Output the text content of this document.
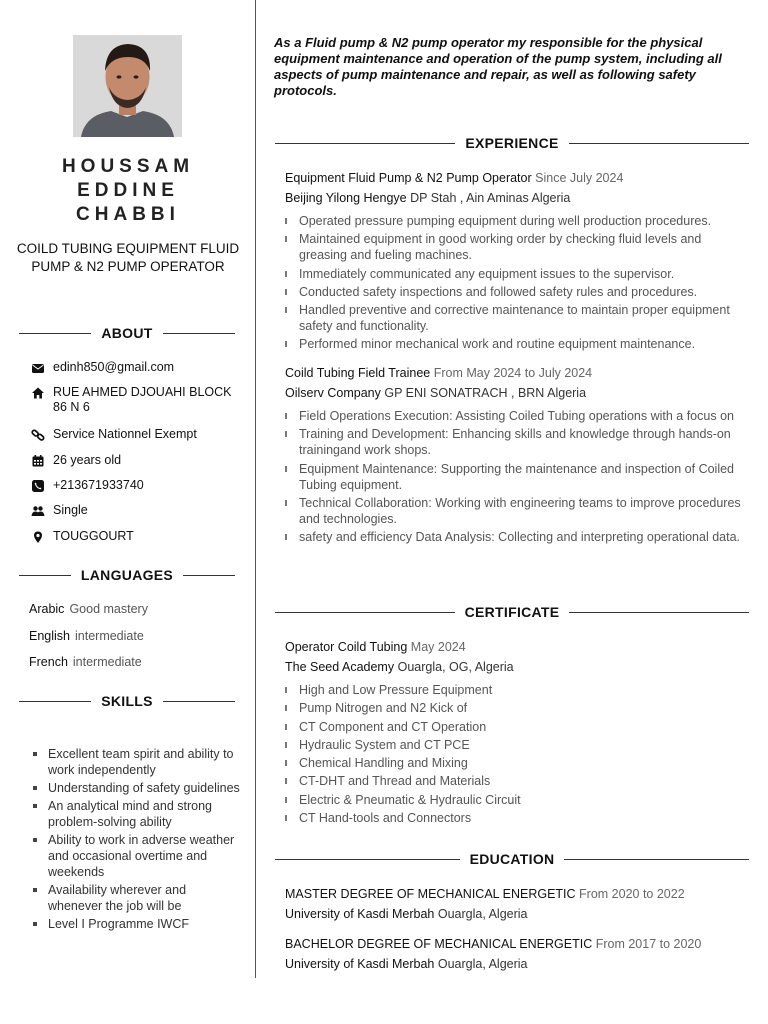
HOUSSAM
EDDINE
CHABBI
COILD TUBING EQUIPMENT FLUID PUMP & N2 PUMP OPERATOR
ABOUT
edinh850@gmail.com
RUE AHMED DJOUAHI BLOCK 86 N 6
Service Nationnel Exempt
26 years old
+213671933740
Single
TOUGGOURT
LANGUAGES
Arabic Good mastery
English intermediate
French intermediate
SKILLS
Excellent team spirit and ability to work independently
Understanding of safety guidelines
An analytical mind and strong problem-solving ability
Ability to work in adverse weather and occasional overtime and weekends
Availability wherever and whenever the job will be
Level I Programme IWCF
As a Fluid pump & N2 pump operator my responsible for the physical equipment maintenance and operation of the pump system, including all aspects of pump maintenance and repair, as well as following safety protocols.
EXPERIENCE
Equipment Fluid Pump & N2 Pump Operator Since July 2024
Beijing Yilong Hengye DP Stah , Ain Aminas Algeria
Operated pressure pumping equipment during well production procedures.
Maintained equipment in good working order by checking fluid levels and greasing and fueling machines.
Immediately communicated any equipment issues to the supervisor.
Conducted safety inspections and followed safety rules and procedures.
Handled preventive and corrective maintenance to maintain proper equipment safety and functionality.
Performed minor mechanical work and routine equipment maintenance.
Coild Tubing Field Trainee From May 2024 to July 2024
Oilserv Company GP ENI SONATRACH , BRN Algeria
Field Operations Execution: Assisting Coiled Tubing operations with a focus on
Training and Development: Enhancing skills and knowledge through hands-on trainingand work shops.
Equipment Maintenance: Supporting the maintenance and inspection of Coiled Tubing equipment.
Technical Collaboration: Working with engineering teams to improve procedures and technologies.
safety and efficiency Data Analysis: Collecting and interpreting operational data.
CERTIFICATE
Operator Coild Tubing May 2024
The Seed Academy Ouargla, OG, Algeria
High and Low Pressure Equipment
Pump Nitrogen and N2 Kick of
CT Component and CT Operation
Hydraulic System and CT PCE
Chemical Handling and Mixing
CT-DHT and Thread and Materials
Electric & Pneumatic & Hydraulic Circuit
CT Hand-tools and Connectors
EDUCATION
MASTER DEGREE OF MECHANICAL ENERGETIC From 2020 to 2022
University of Kasdi Merbah Ouargla, Algeria
BACHELOR DEGREE OF MECHANICAL ENERGETIC From 2017 to 2020
University of Kasdi Merbah Ouargla, Algeria
